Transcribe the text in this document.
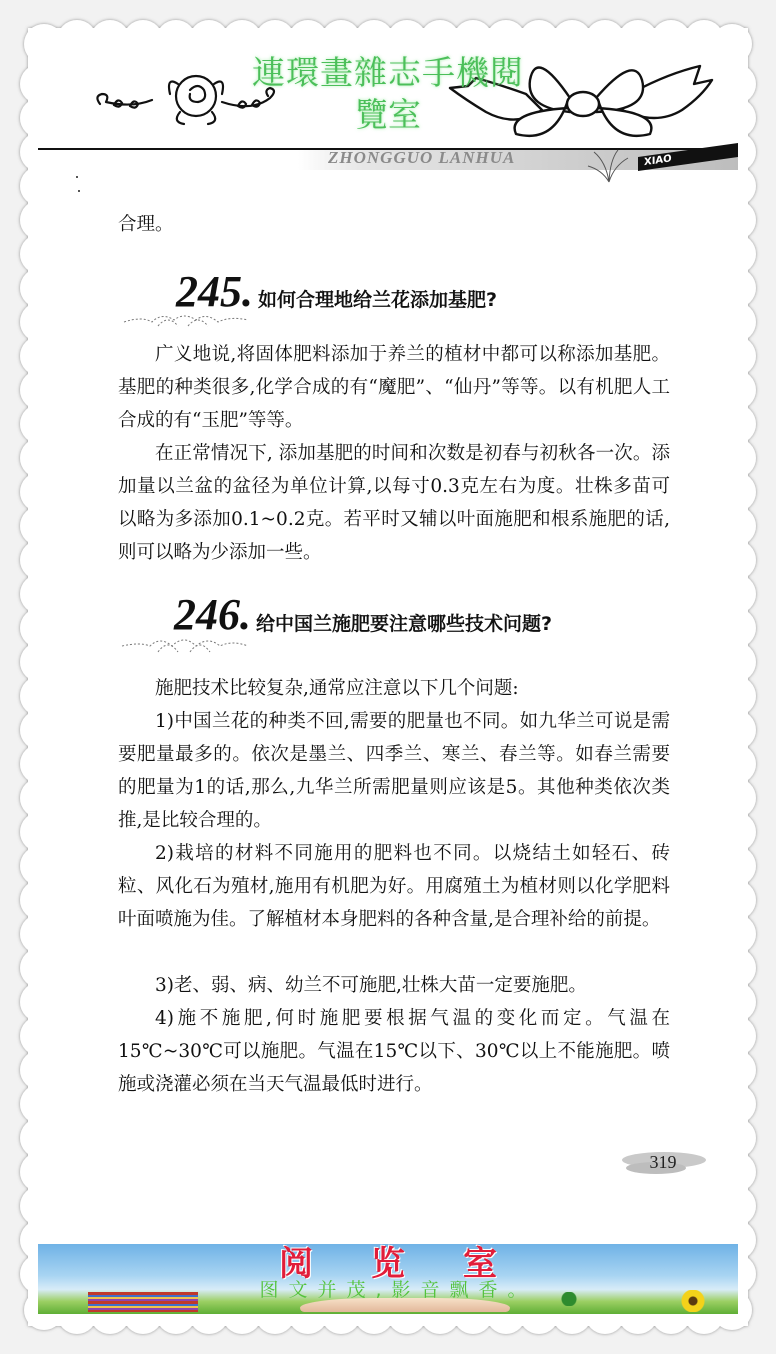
連環畫雜志手機閱
覽室
ZHONGGUO LANHUA	XIAO
合理。
245. 如何合理地给兰花添加基肥?
广义地说,将固体肥料添加于养兰的植材中都可以称添加基肥。基肥的种类很多,化学合成的有“魔肥”、“仙丹”等等。以有机肥人工合成的有“玉肥”等等。
在正常情况下, 添加基肥的时间和次数是初春与初秋各一次。添加量以兰盆的盆径为单位计算,以每寸0.3克左右为度。壮株多苗可以略为多添加0.1~0.2克。若平时又辅以叶面施肥和根系施肥的话,则可以略为少添加一些。
246. 给中国兰施肥要注意哪些技术问题?
施肥技术比较复杂,通常应注意以下几个问题:
1)中国兰花的种类不回,需要的肥量也不同。如九华兰可说是需要肥量最多的。依次是墨兰、四季兰、寒兰、春兰等。如春兰需要的肥量为1的话,那么,九华兰所需肥量则应该是5。其他种类依次类推,是比较合理的。
2)栽培的材料不同施用的肥料也不同。以烧结土如轻石、砖粒、风化石为殖材,施用有机肥为好。用腐殖土为植材则以化学肥料叶面喷施为佳。了解植材本身肥料的各种含量,是合理补给的前提。
3)老、弱、病、幼兰不可施肥,壮株大苗一定要施肥。
4)施不施肥,何时施肥要根据气温的变化而定。气温在15℃~30℃可以施肥。气温在15℃以下、30℃以上不能施肥。喷施或浇灌必须在当天气温最低时进行。
319
阅览室
图文并茂,影音飘香。
